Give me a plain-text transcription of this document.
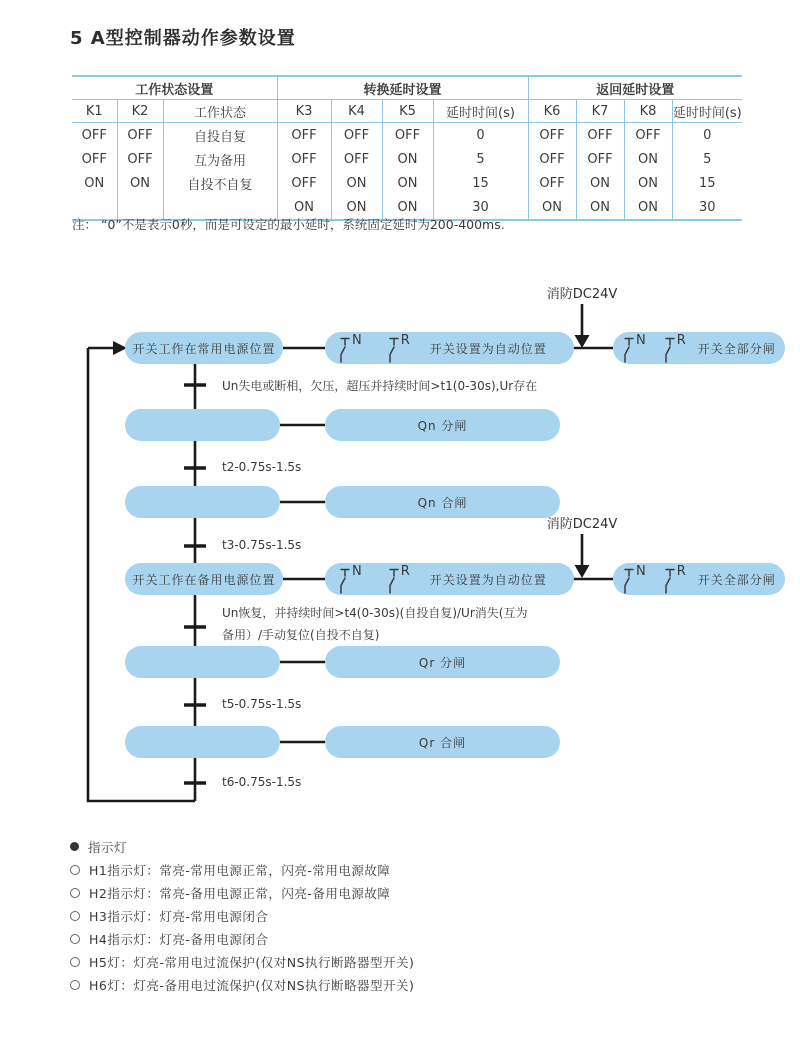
5 A型控制器动作参数设置
工作状态设置			转换延时设置				返回延时设置			
K1	K2	工作状态	K3	K4	K5	延时时间(s)	K6	K7	K8	延时时间(s)
OFF	OFF	自投自复	OFF	OFF	OFF	0	OFF	OFF	OFF	0
OFF	OFF	互为备用	OFF	OFF	ON	5	OFF	OFF	ON	5
ON	ON	自投不自复	OFF	ON	ON	15	OFF	ON	ON	15
			ON	ON	ON	30	ON	ON	ON	30
注： “0”不是表示0秒，而是可设定的最小延时，系统固定延时为200-400ms.
消防DC24V
消防DC24V
开关工作在常用电源位置
N	R
开关设置为自动位置
N R
开关全部分闸
Un失电或断相，欠压，超压并持续时间>t1(0-30s),Ur存在
Qn 分闸
t2-0.75s-1.5s
Qn 合闸
t3-0.75s-1.5s
开关工作在备用电源位置
N	R
开关设置为自动位置
N R
开关全部分闸
Un恢复，并持续时间>t4(0-30s)(自投自复)/Ur消失(互为
备用）/手动复位(自投不自复)
Qr 分闸
t5-0.75s-1.5s
Qr 合闸
t6-0.75s-1.5s
指示灯
H1指示灯：常亮-常用电源正常，闪亮-常用电源故障
H2指示灯：常亮-备用电源正常，闪亮-备用电源故障
H3指示灯：灯亮-常用电源闭合
H4指示灯：灯亮-备用电源闭合
H5灯：灯亮-常用电过流保护(仅对NS执行断路器型开关)
H6灯：灯亮-备用电过流保护(仅对NS执行断略器型开关)
